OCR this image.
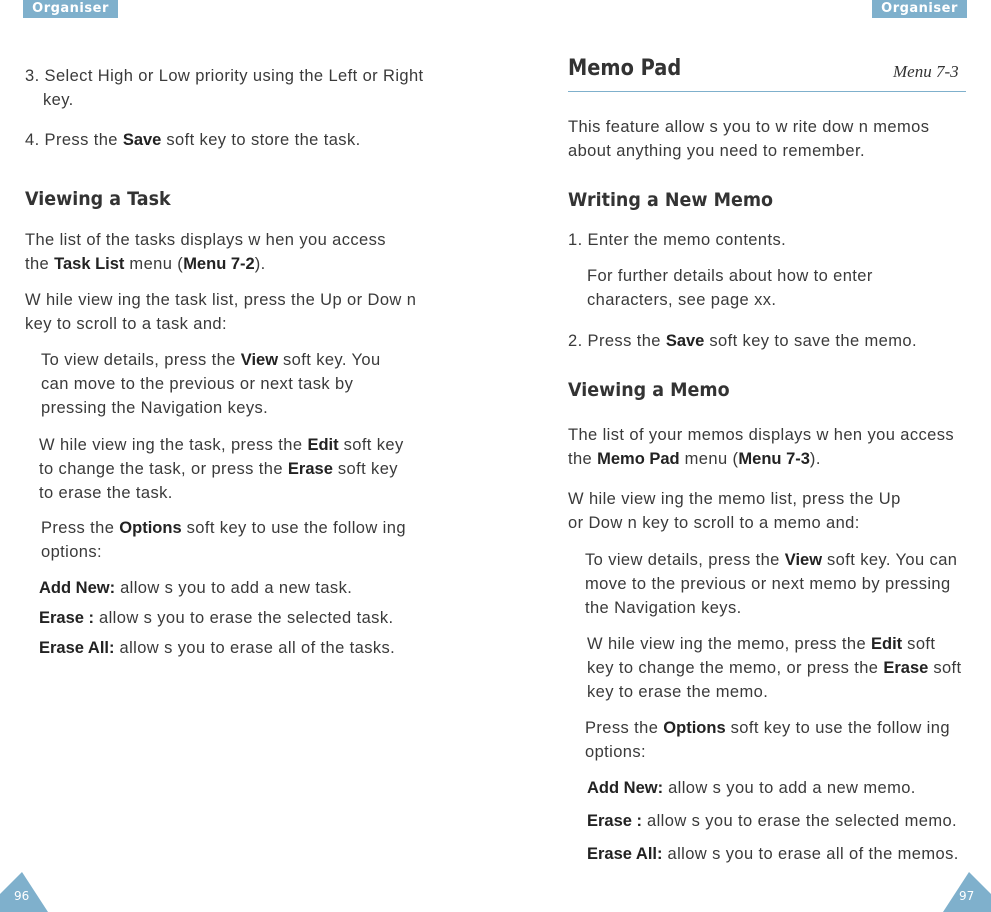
Organiser	Organiser

3. Select High or Low priority using the Left or Right key.

4. Press the Save soft key to store the task.

Viewing a Task

The list of the tasks displays w hen you access the Task List menu (Menu 7-2).

W hile view ing the task list, press the Up or Dow n key to scroll to a task and:

To view details, press the View soft key. You can move to the previous or next task by pressing the Navigation keys.

W hile view ing the task, press the Edit soft key to change the task, or press the Erase soft key to erase the task.

Press the Options soft key to use the follow ing options:

Add New: allow s you to add a new task.

Erase : allow s you to erase the selected task.

Erase All: allow s you to erase all of the tasks.

96
Memo Pad	Menu 7-3

This feature allow s you to w rite dow n memos about anything you need to remember.

Writing a New Memo

1. Enter the memo contents.

For further details about how to enter characters, see page xx.

2. Press the Save soft key to save the memo.

Viewing a Memo

The list of your memos displays w hen you access the Memo Pad menu (Menu 7-3).

W hile view ing the memo list, press the Up or Dow n key to scroll to a memo and:

To view details, press the View soft key. You can move to the previous or next memo by pressing the Navigation keys.

W hile view ing the memo, press the Edit soft key to change the memo, or press the Erase soft key to erase the memo.

Press the Options soft key to use the follow ing options:

Add New: allow s you to add a new memo.

Erase : allow s you to erase the selected memo.

Erase All: allow s you to erase all of the memos.

97
